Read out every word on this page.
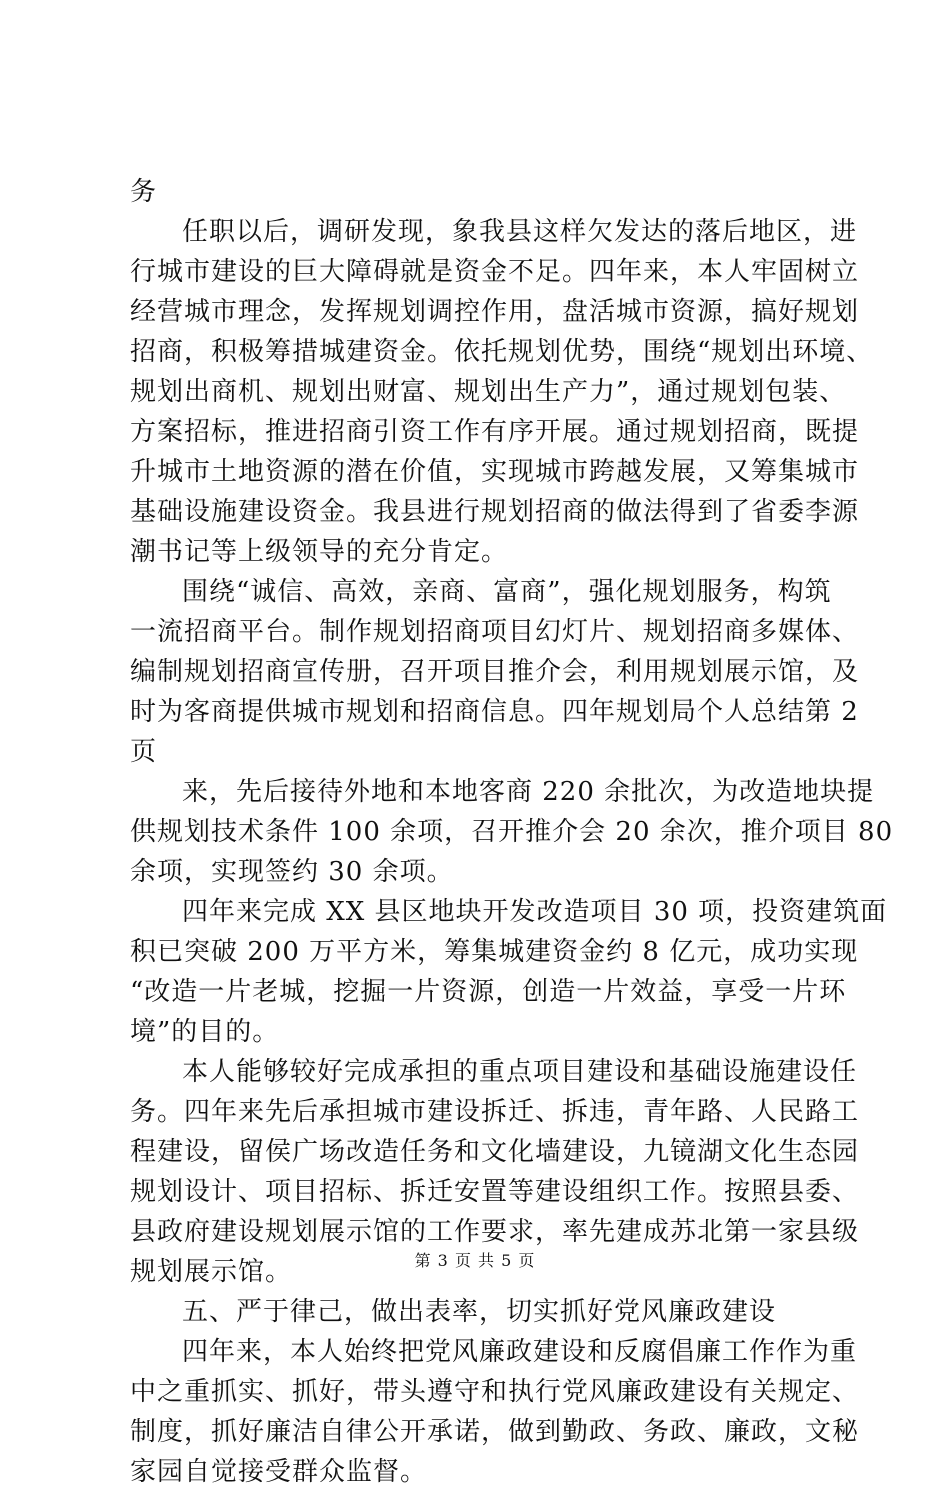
务
任职以后，调研发现，象我县这样欠发达的落后地区，进
行城市建设的巨大障碍就是资金不足。四年来，本人牢固树立
经营城市理念，发挥规划调控作用，盘活城市资源，搞好规划
招商，积极筹措城建资金。依托规划优势，围绕“规划出环境、
规划出商机、规划出财富、规划出生产力”，通过规划包装、
方案招标，推进招商引资工作有序开展。通过规划招商，既提
升城市土地资源的潜在价值，实现城市跨越发展，又筹集城市
基础设施建设资金。我县进行规划招商的做法得到了省委李源
潮书记等上级领导的充分肯定。
围绕“诚信、高效，亲商、富商”，强化规划服务，构筑
一流招商平台。制作规划招商项目幻灯片、规划招商多媒体、
编制规划招商宣传册，召开项目推介会，利用规划展示馆，及
时为客商提供城市规划和招商信息。四年规划局个人总结第 2
页
来，先后接待外地和本地客商 220 余批次，为改造地块提
供规划技术条件 100 余项，召开推介会 20 余次，推介项目 80
余项，实现签约 30 余项。
四年来完成 XX 县区地块开发改造项目 30 项，投资建筑面
积已突破 200 万平方米，筹集城建资金约 8 亿元，成功实现
“改造一片老城，挖掘一片资源，创造一片效益，享受一片环
境”的目的。
本人能够较好完成承担的重点项目建设和基础设施建设任
务。四年来先后承担城市建设拆迁、拆违，青年路、人民路工
程建设，留侯广场改造任务和文化墙建设，九镜湖文化生态园
规划设计、项目招标、拆迁安置等建设组织工作。按照县委、
县政府建设规划展示馆的工作要求，率先建成苏北第一家县级
规划展示馆。
五、严于律己，做出表率，切实抓好党风廉政建设
四年来，本人始终把党风廉政建设和反腐倡廉工作作为重
中之重抓实、抓好，带头遵守和执行党风廉政建设有关规定、
制度，抓好廉洁自律公开承诺，做到勤政、务政、廉政，文秘
家园自觉接受群众监督。
第 3 页 共 5 页
